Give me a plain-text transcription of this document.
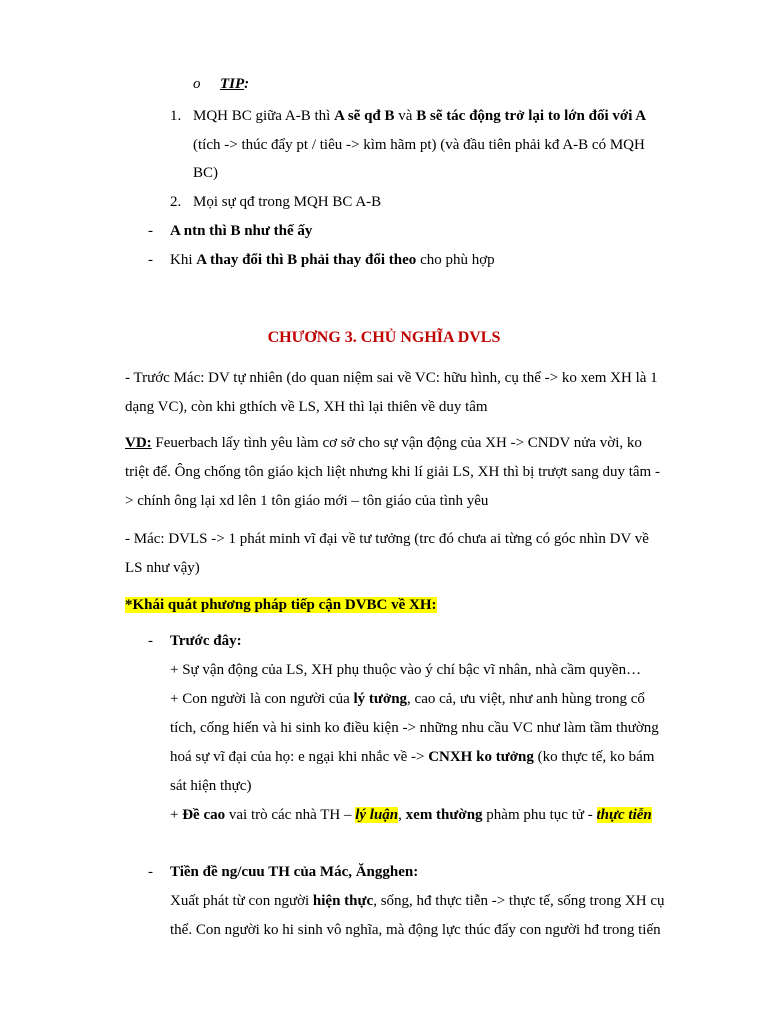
o TIP:
1. MQH BC giữa A-B thì A sẽ qđ B và B sẽ tác động trở lại to lớn đối với A
(tích -> thúc đẩy pt / tiêu -> kìm hãm pt) (và đầu tiên phải kđ A-B có MQH
BC)
2. Mọi sự qđ trong MQH BC A-B
- A ntn thì B như thế ấy
- Khi A thay đổi thì B phải thay đổi theo cho phù hợp
CHƯƠNG 3. CHỦ NGHĨA DVLS
- Trước Mác: DV tự nhiên (do quan niệm sai về VC: hữu hình, cụ thể -> ko xem XH là 1
dạng VC), còn khi gthích về LS, XH thì lại thiên về duy tâm
VD: Feuerbach lấy tình yêu làm cơ sở cho sự vận động của XH -> CNDV nửa vời, ko
triệt để. Ông chống tôn giáo kịch liệt nhưng khi lí giải LS, XH thì bị trượt sang duy tâm -
> chính ông lại xd lên 1 tôn giáo mới – tôn giáo của tình yêu
- Mác: DVLS -> 1 phát minh vĩ đại về tư tưởng (trc đó chưa ai từng có góc nhìn DV về
LS như vậy)
*Khái quát phương pháp tiếp cận DVBC về XH:
- Trước đây:
+ Sự vận động của LS, XH phụ thuộc vào ý chí bậc vĩ nhân, nhà cầm quyền…
+ Con người là con người của lý tưởng, cao cả, ưu việt, như anh hùng trong cổ
tích, cống hiến và hi sinh ko điều kiện -> những nhu cầu VC như làm tầm thường
hoá sự vĩ đại của họ: e ngại khi nhắc về -> CNXH ko tưởng (ko thực tế, ko bám
sát hiện thực)
+ Đề cao vai trò các nhà TH – lý luận, xem thường phàm phu tục tử - thực tiễn
- Tiền đề ng/cuu TH của Mác, Ăngghen:
Xuất phát từ con người hiện thực, sống, hđ thực tiễn -> thực tế, sống trong XH cụ
thể. Con người ko hi sinh vô nghĩa, mà động lực thúc đẩy con người hđ trong tiến
